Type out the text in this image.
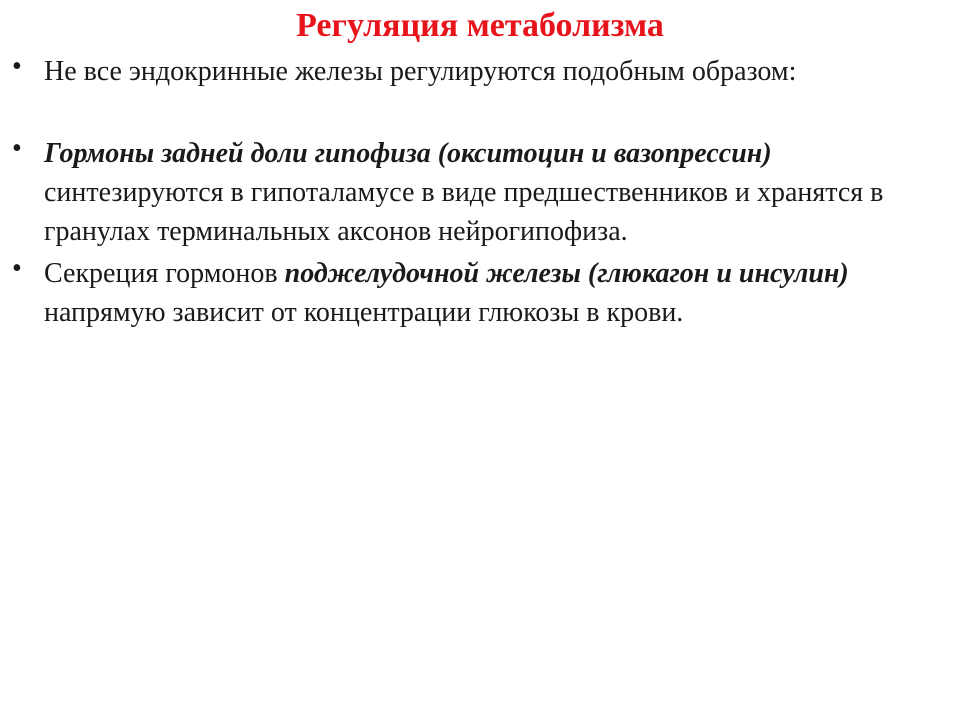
Регуляция метаболизма
• Не все эндокринные железы регулируются подобным образом:
• Гормоны задней доли гипофиза (окситоцин и вазопрессин) синтезируются в гипоталамусе в виде предшественников и хранятся в гранулах терминальных аксонов нейрогипофиза.
• Секреция гормонов поджелудочной железы (глюкагон и инсулин) напрямую зависит от концентрации глюкозы в крови.
